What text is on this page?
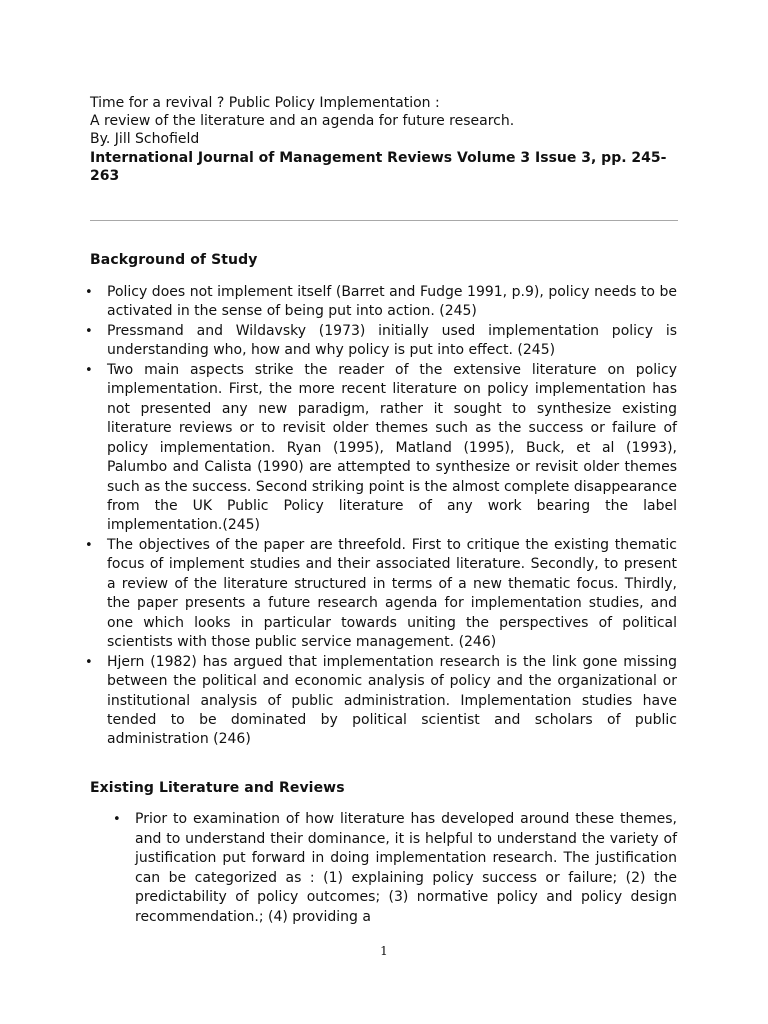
Time for a revival ? Public Policy Implementation :
A review of the literature and an agenda for future research.
By. Jill Schofield
International Journal of Management Reviews Volume 3 Issue 3, pp. 245-263
Background of Study
• Policy does not implement itself (Barret and Fudge 1991, p.9), policy needs to be activated in the sense of being put into action. (245)
• Pressmand and Wildavsky (1973) initially used implementation policy is understanding who, how and why policy is put into effect. (245)
• Two main aspects strike the reader of the extensive literature on policy implementation. First, the more recent literature on policy implementation has not presented any new paradigm, rather it sought to synthesize existing literature reviews or to revisit older themes such as the success or failure of policy implementation. Ryan (1995), Matland (1995), Buck, et al (1993), Palumbo and Calista (1990) are attempted to synthesize or revisit older themes such as the success. Second striking point is the almost complete disappearance from the UK Public Policy literature of any work bearing the label implementation.(245)
• The objectives of the paper are threefold. First to critique the existing thematic focus of implement studies and their associated literature. Secondly, to present a review of the literature structured in terms of a new thematic focus. Thirdly, the paper presents a future research agenda for implementation studies, and one which looks in particular towards uniting the perspectives of political scientists with those public service management. (246)
• Hjern (1982) has argued that implementation research is the link gone missing between the political and economic analysis of policy and the organizational or institutional analysis of public administration. Implementation studies have tended to be dominated by political scientist and scholars of public administration (246)
Existing Literature and Reviews
• Prior to examination of how literature has developed around these themes, and to understand their dominance, it is helpful to understand the variety of justification put forward in doing implementation research. The justification can be categorized as : (1) explaining policy success or failure; (2) the predictability of policy outcomes; (3) normative policy and policy design recommendation.; (4) providing a
1
